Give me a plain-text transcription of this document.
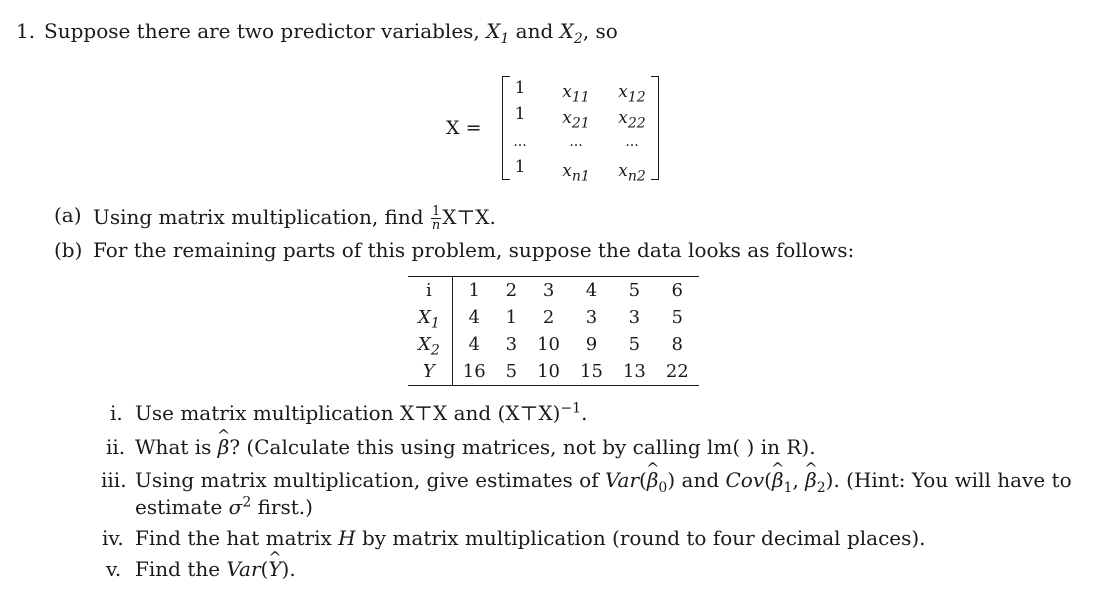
1. Suppose there are two predictor variables, $X_1$ and $X_2$, so
X =
1	$x_{11}$	$x_{12}$
1	$x_{21}$	$x_{22}$
...	...	...
1	$x_{n1}$	$x_{n2}$
(a) Using matrix multiplication, find $\frac{1}{n}$ X⊤X.
(b) For the remaining parts of this problem, suppose the data looks as follows:
i	1	2	3	4	5	6
$X_1$	4	1	2	3	3	5
$X_2$	4	3	10	9	5	8
Y	16	5	10	15	13	22
i. Use matrix multiplication X⊤X and (X⊤X)$^{-1}$.
ii. What is ^ β? (Calculate this using matrices, not by calling lm( ) in R).
iii. Using matrix multiplication, give estimates of Var(^ $\beta_0$) and Cov(^ $\beta_1$, ^ $\beta_2$). (Hint: You will have to
estimate $\sigma^2$ first.)
iv. Find the hat matrix H by matrix multiplication (round to four decimal places).
v. Find the Var(^ Y).
